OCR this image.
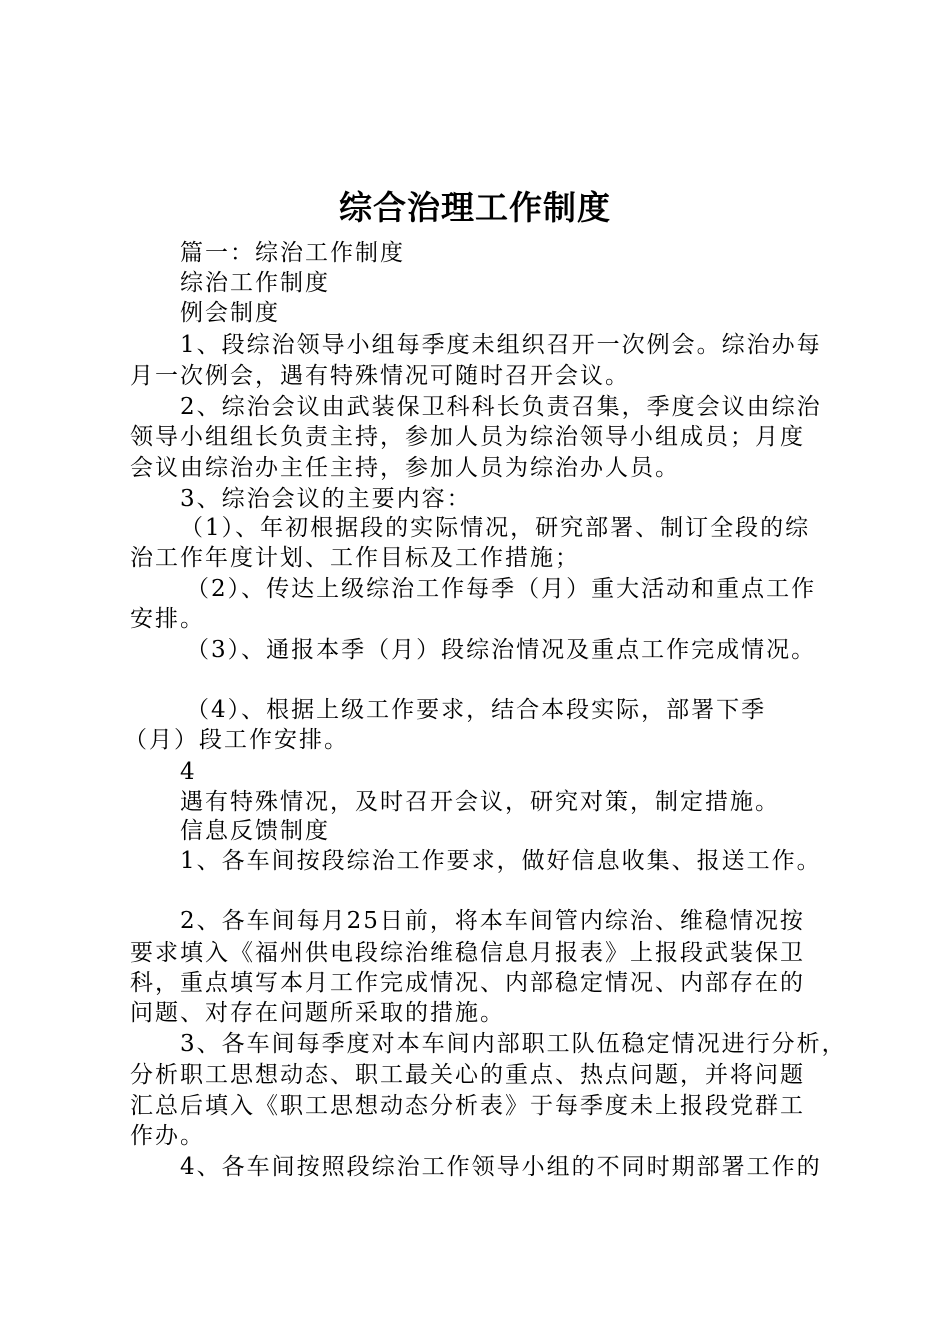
综合治理工作制度
篇一：综治工作制度
综治工作制度
例会制度
1、段综治领导小组每季度未组织召开一次例会。综治办每
月一次例会，遇有特殊情况可随时召开会议。
2、综治会议由武装保卫科科长负责召集，季度会议由综治
领导小组组长负责主持，参加人员为综治领导小组成员；月度
会议由综治办主任主持，参加人员为综治办人员。
3、综治会议的主要内容：
（1）、年初根据段的实际情况，研究部署、制订全段的综
治工作年度计划、工作目标及工作措施；
（2）、传达上级综治工作每季（月）重大活动和重点工作
安排。
（3）、通报本季（月）段综治情况及重点工作完成情况。
（4）、根据上级工作要求，结合本段实际，部署下季
（月）段工作安排。
4
遇有特殊情况，及时召开会议，研究对策，制定措施。
信息反馈制度
1、各车间按段综治工作要求，做好信息收集、报送工作。
2、各车间每月25日前，将本车间管内综治、维稳情况按
要求填入《福州供电段综治维稳信息月报表》上报段武装保卫
科，重点填写本月工作完成情况、内部稳定情况、内部存在的
问题、对存在问题所采取的措施。
3、各车间每季度对本车间内部职工队伍稳定情况进行分析，
分析职工思想动态、职工最关心的重点、热点问题，并将问题
汇总后填入《职工思想动态分析表》于每季度未上报段党群工
作办。
4、各车间按照段综治工作领导小组的不同时期部署工作的
